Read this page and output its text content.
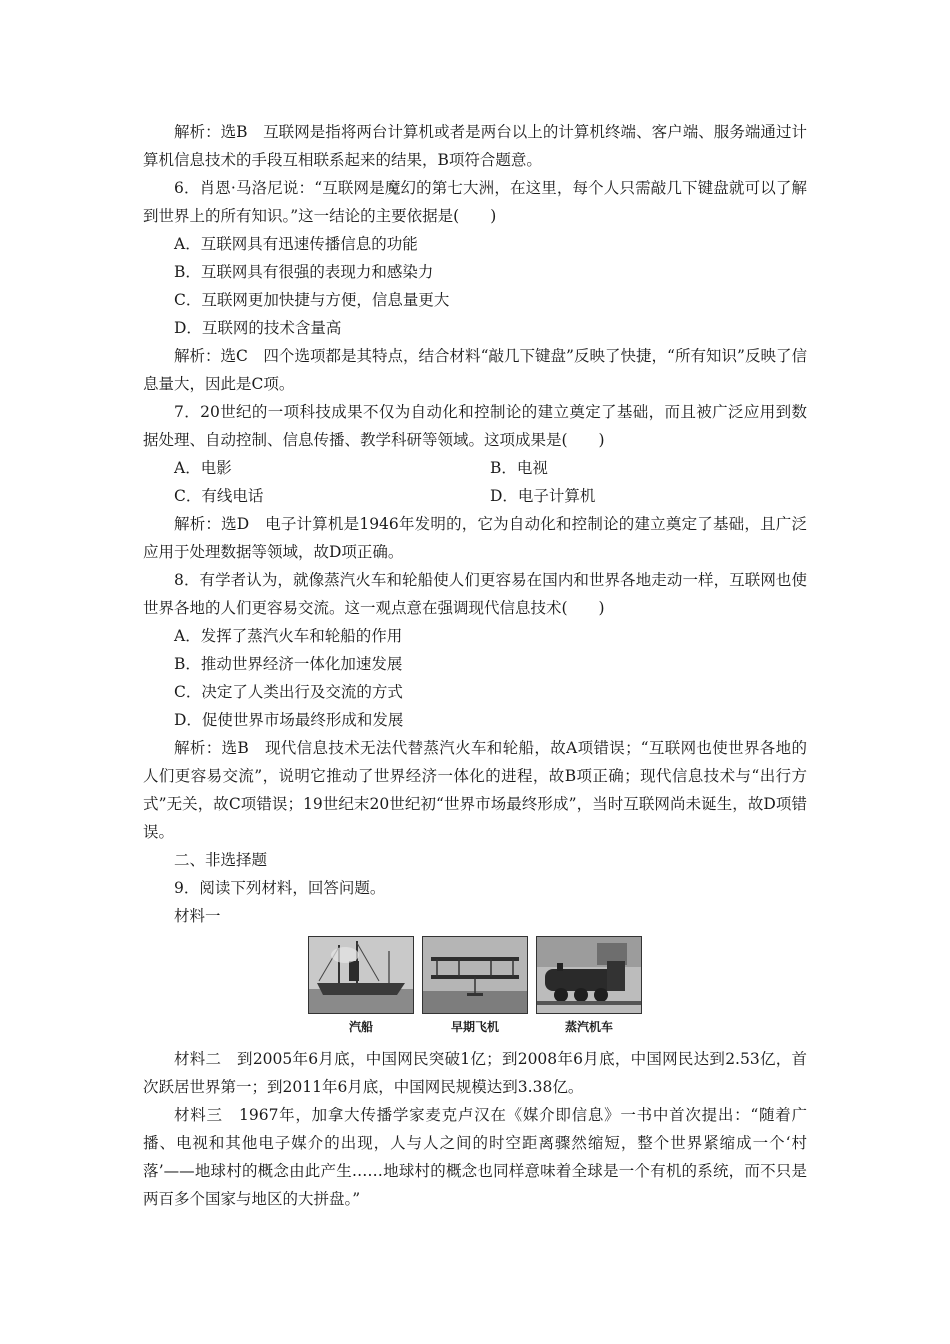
解析：选B　互联网是指将两台计算机或者是两台以上的计算机终端、客户端、服务端通过计算机信息技术的手段互相联系起来的结果，B项符合题意。

6．肖恩·马洛尼说：“互联网是魔幻的第七大洲，在这里，每个人只需敲几下键盘就可以了解到世界上的所有知识。”这一结论的主要依据是(　　)

A．互联网具有迅速传播信息的功能

B．互联网具有很强的表现力和感染力

C．互联网更加快捷与方便，信息量更大

D．互联网的技术含量高

解析：选C　四个选项都是其特点，结合材料“敲几下键盘”反映了快捷，“所有知识”反映了信息量大，因此是C项。

7．20世纪的一项科技成果不仅为自动化和控制论的建立奠定了基础，而且被广泛应用到数据处理、自动控制、信息传播、教学科研等领域。这项成果是(　　)

A．电影	B．电视

C．有线电话	D．电子计算机

解析：选D　电子计算机是1946年发明的，它为自动化和控制论的建立奠定了基础，且广泛应用于处理数据等领域，故D项正确。

8．有学者认为，就像蒸汽火车和轮船使人们更容易在国内和世界各地走动一样，互联网也使世界各地的人们更容易交流。这一观点意在强调现代信息技术(　　)

A．发挥了蒸汽火车和轮船的作用

B．推动世界经济一体化加速发展

C．决定了人类出行及交流的方式

D．促使世界市场最终形成和发展

解析：选B　现代信息技术无法代替蒸汽火车和轮船，故A项错误；“互联网也使世界各地的人们更容易交流”，说明它推动了世界经济一体化的进程，故B项正确；现代信息技术与“出行方式”无关，故C项错误；19世纪末20世纪初“世界市场最终形成”，当时互联网尚未诞生，故D项错误。

二、非选择题

9．阅读下列材料，回答问题。

材料一

汽船	早期飞机	蒸汽机车

材料二　到2005年6月底，中国网民突破1亿；到2008年6月底，中国网民达到2.53亿，首次跃居世界第一；到2011年6月底，中国网民规模达到3.38亿。

材料三　1967年，加拿大传播学家麦克卢汉在《媒介即信息》一书中首次提出：“随着广播、电视和其他电子媒介的出现，人与人之间的时空距离骤然缩短，整个世界紧缩成一个‘村落’——地球村的概念由此产生……地球村的概念也同样意味着全球是一个有机的系统，而不只是两百多个国家与地区的大拼盘。”
